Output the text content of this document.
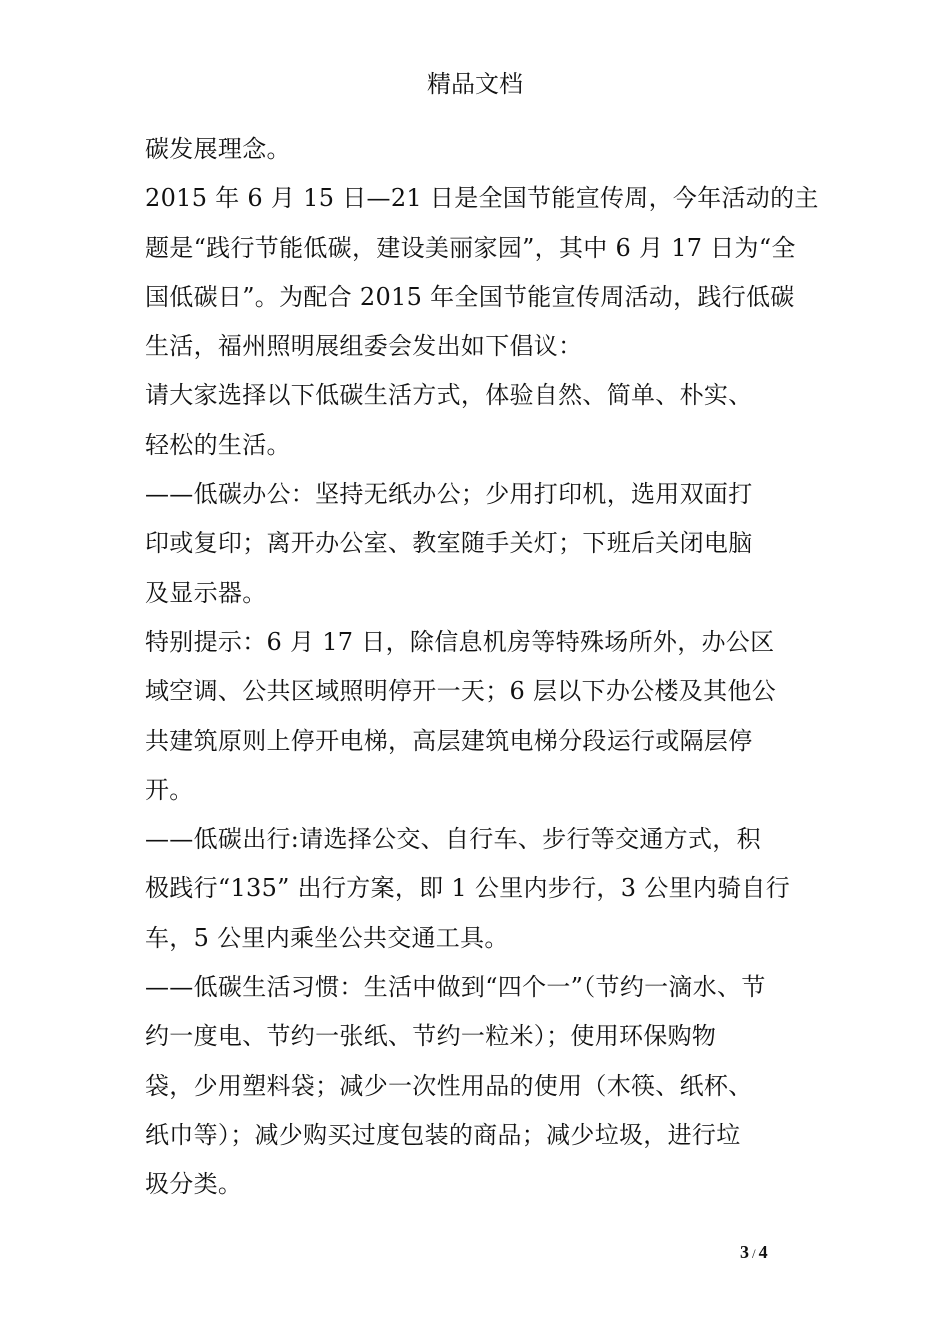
精品文档
碳发展理念。
2015 年 6 月 15 日—21 日是全国节能宣传周，今年活动的主
题是“践行节能低碳，建设美丽家园”，其中 6 月 17 日为“全
国低碳日”。为配合 2015 年全国节能宣传周活动，践行低碳
生活，福州照明展组委会发出如下倡议：
请大家选择以下低碳生活方式，体验自然、简单、朴实、
轻松的生活。
——低碳办公：坚持无纸办公；少用打印机，选用双面打
印或复印；离开办公室、教室随手关灯；下班后关闭电脑
及显示器。
特别提示：6 月 17 日，除信息机房等特殊场所外，办公区
域空调、公共区域照明停开一天；6 层以下办公楼及其他公
共建筑原则上停开电梯，高层建筑电梯分段运行或隔层停
开。
——低碳出行:请选择公交、自行车、步行等交通方式，积
极践行“135” 出行方案，即 1 公里内步行，3 公里内骑自行
车，5 公里内乘坐公共交通工具。
——低碳生活习惯：生活中做到“四个一”（节约一滴水、节
约一度电、节约一张纸、节约一粒米）；使用环保购物
袋，少用塑料袋；减少一次性用品的使用（木筷、纸杯、
纸巾等）；减少购买过度包装的商品；减少垃圾，进行垃
圾分类。
3 / 4
